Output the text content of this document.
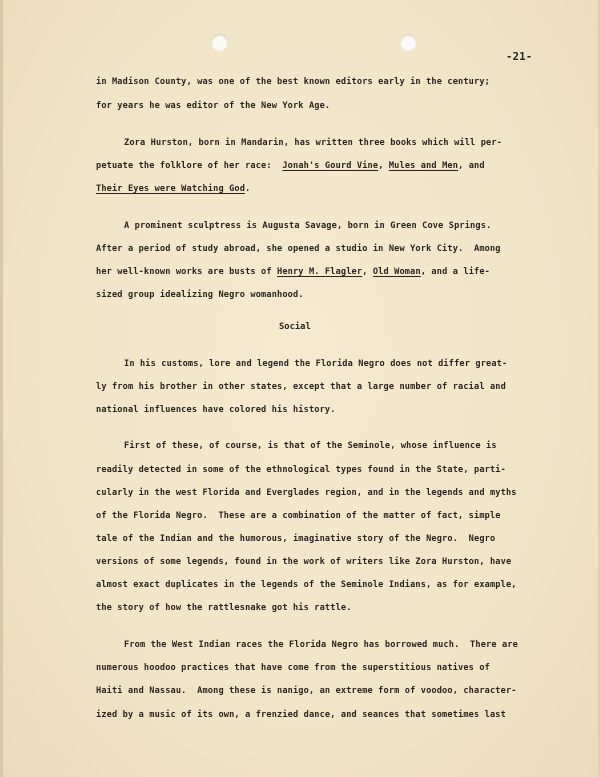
-21-
in Madison County, was one of the best known editors early in the century;
for years he was editor of the New York Age.
Zora Hurston, born in Mandarin, has written three books which will per-
petuate the folklore of her race:  Jonah's Gourd Vine, Mules and Men, and
Their Eyes were Watching God.
A prominent sculptress is Augusta Savage, born in Green Cove Springs.
After a period of study abroad, she opened a studio in New York City.  Among
her well-known works are busts of Henry M. Flagler, Old Woman, and a life-
sized group idealizing Negro womanhood.
In his customs, lore and legend the Florida Negro does not differ great-
ly from his brother in other states, except that a large number of racial and
national influences have colored his history.
First of these, of course, is that of the Seminole, whose influence is
readily detected in some of the ethnological types found in the State, parti-
cularly in the west Florida and Everglades region, and in the legends and myths
of the Florida Negro.  These are a combination of the matter of fact, simple
tale of the Indian and the humorous, imaginative story of the Negro.  Negro
versions of some legends, found in the work of writers like Zora Hurston, have
almost exact duplicates in the legends of the Seminole Indians, as for example,
the story of how the rattlesnake got his rattle.
From the West Indian races the Florida Negro has borrowed much.  There are
numerous hoodoo practices that have come from the superstitious natives of
Haiti and Nassau.  Among these is nanigo, an extreme form of voodoo, character-
ized by a music of its own, a frenzied dance, and seances that sometimes last
Social
